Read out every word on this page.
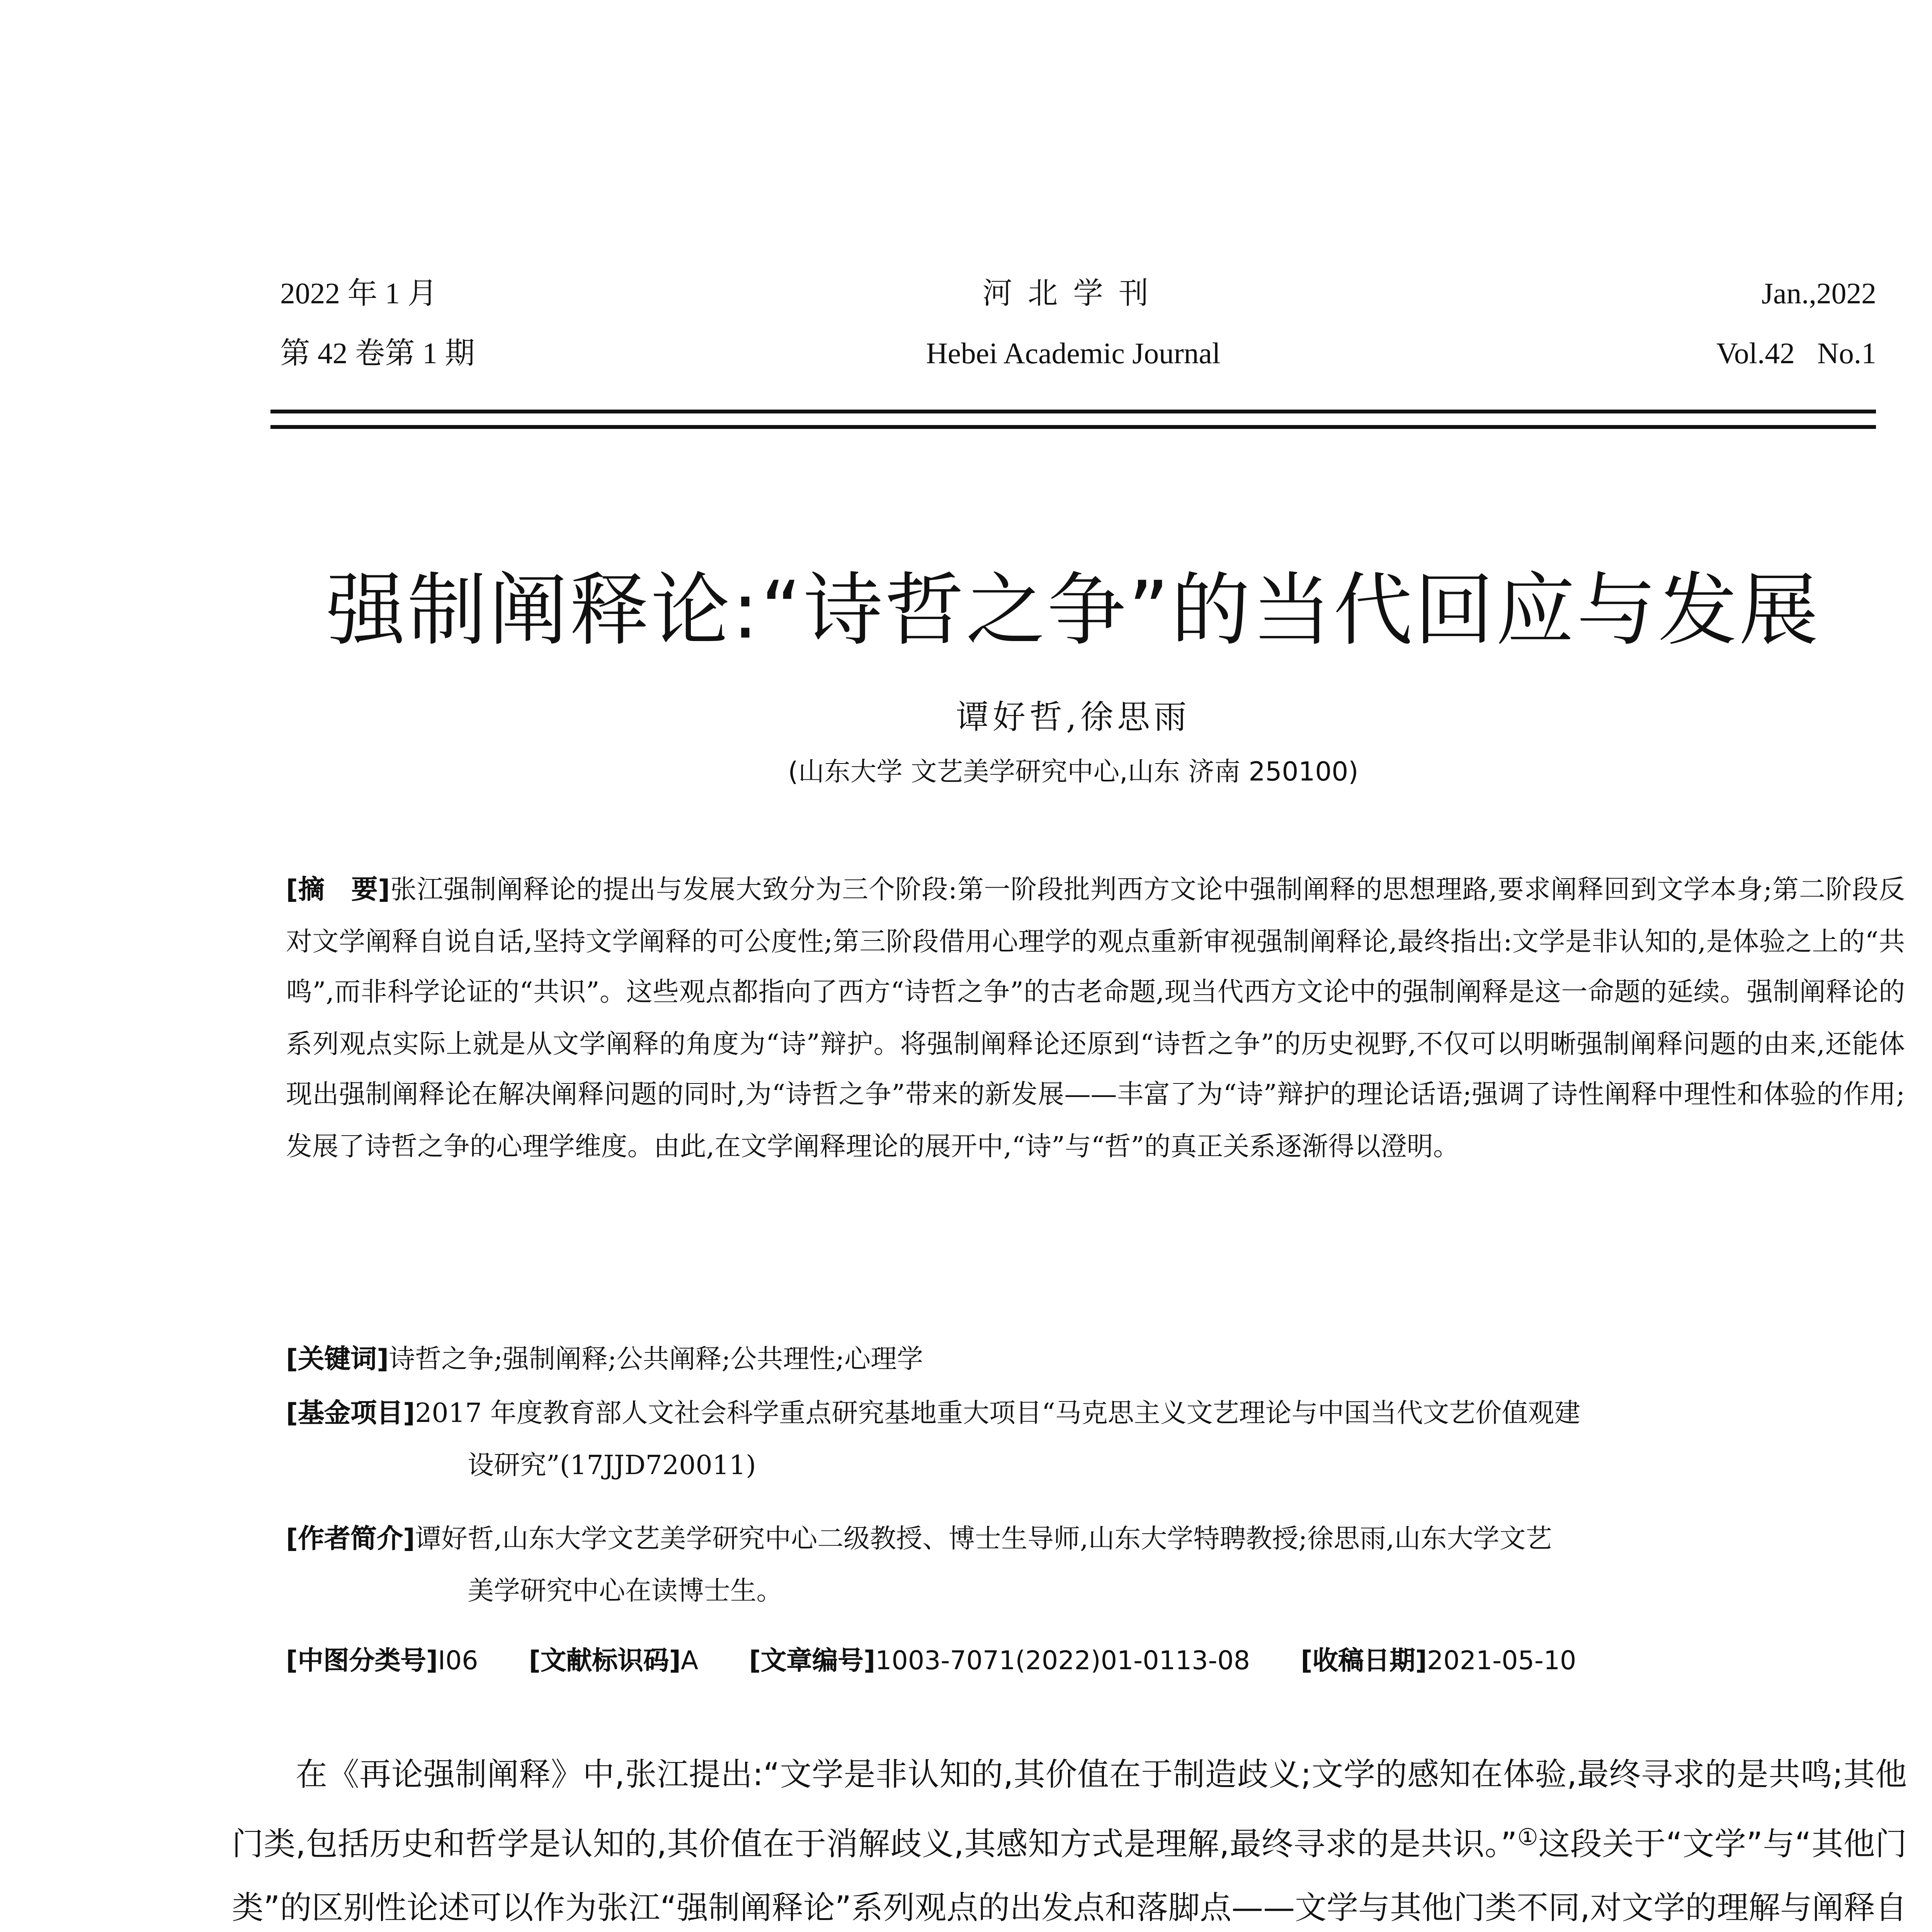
2022 年 1 月	河北学刊	Jan.,2022
第 42 卷第 1 期	Hebei Academic Journal	Vol.42	No.1
强制阐释论:“诗哲之争”的当代回应与发展
谭好哲,徐思雨
(山东大学 文艺美学研究中心,山东 济南 250100)
[摘　要]张江强制阐释论的提出与发展大致分为三个阶段:第一阶段批判西方文论中强制阐释的思想理路,要求阐释回到文学本身;第二阶段反对文学阐释自说自话,坚持文学阐释的可公度性;第三阶段借用心理学的观点重新审视强制阐释论,最终指出:文学是非认知的,是体验之上的“共鸣”,而非科学论证的“共识”。这些观点都指向了西方“诗哲之争”的古老命题,现当代西方文论中的强制阐释是这一命题的延续。强制阐释论的系列观点实际上就是从文学阐释的角度为“诗”辩护。将强制阐释论还原到“诗哲之争”的历史视野,不仅可以明晰强制阐释问题的由来,还能体现出强制阐释论在解决阐释问题的同时,为“诗哲之争”带来的新发展——丰富了为“诗”辩护的理论话语;强调了诗性阐释中理性和体验的作用;发展了诗哲之争的心理学维度。由此,在文学阐释理论的展开中,“诗”与“哲”的真正关系逐渐得以澄明。
[关键词]诗哲之争;强制阐释;公共阐释;公共理性;心理学
[基金项目]2017 年度教育部人文社会科学重点研究基地重大项目“马克思主义文艺理论与中国当代文艺价值观建
设研究”(17JJD720011)
[作者简介]谭好哲,山东大学文艺美学研究中心二级教授、博士生导师,山东大学特聘教授;徐思雨,山东大学文艺
美学研究中心在读博士生。
[中图分类号]I06	[文献标识码]A	[文章编号]1003-7071(2022)01-0113-08	[收稿日期]2021-05-10

在《再论强制阐释》中,张江提出:“文学是非认知的,其价值在于制造歧义;文学的感知在体验,最终寻求的是共鸣;其他门类,包括历史和哲学是认知的,其价值在于消解歧义,其感知方式是理解,最终寻求的是共识。”①这段关于“文学”与“其他门类”的区别性论述可以作为张江“强制阐释论”系列观点的出发点和落脚点——文学与其他门类不同,对文学的理解与阐释自
